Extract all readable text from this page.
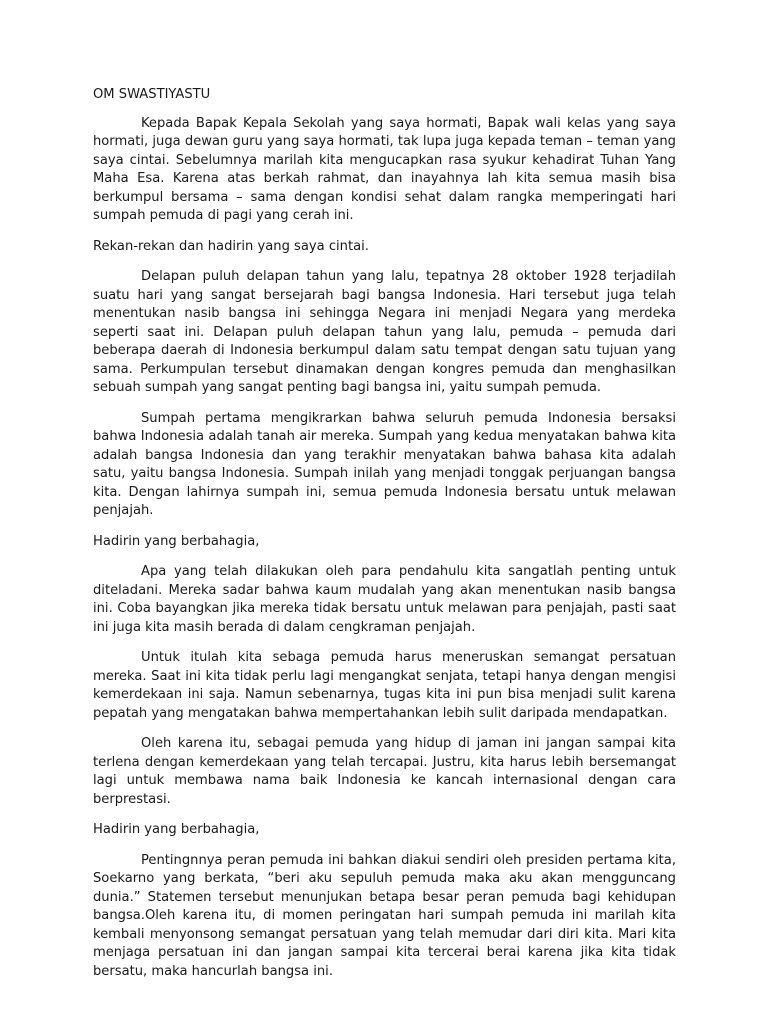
OM SWASTIYASTU

Kepada Bapak Kepala Sekolah yang saya hormati, Bapak wali kelas yang saya hormati, juga dewan guru yang saya hormati, tak lupa juga kepada teman – teman yang saya cintai. Sebelumnya marilah kita mengucapkan rasa syukur kehadirat Tuhan Yang Maha Esa. Karena atas berkah rahmat, dan inayahnya lah kita semua masih bisa berkumpul bersama – sama dengan kondisi sehat dalam rangka memperingati hari sumpah pemuda di pagi yang cerah ini.

Rekan-rekan dan hadirin yang saya cintai.

Delapan puluh delapan tahun yang lalu, tepatnya 28 oktober 1928 terjadilah suatu hari yang sangat bersejarah bagi bangsa Indonesia. Hari tersebut juga telah menentukan nasib bangsa ini sehingga Negara ini menjadi Negara yang merdeka seperti saat ini. Delapan puluh delapan tahun yang lalu, pemuda – pemuda dari beberapa daerah di Indonesia berkumpul dalam satu tempat dengan satu tujuan yang sama. Perkumpulan tersebut dinamakan dengan kongres pemuda dan menghasilkan sebuah sumpah yang sangat penting bagi bangsa ini, yaitu sumpah pemuda.

Sumpah pertama mengikrarkan bahwa seluruh pemuda Indonesia bersaksi bahwa Indonesia adalah tanah air mereka. Sumpah yang kedua menyatakan bahwa kita adalah bangsa Indonesia dan yang terakhir menyatakan bahwa bahasa kita adalah satu, yaitu bangsa Indonesia. Sumpah inilah yang menjadi tonggak perjuangan bangsa kita. Dengan lahirnya sumpah ini, semua pemuda Indonesia bersatu untuk melawan penjajah.

Hadirin yang berbahagia,

Apa yang telah dilakukan oleh para pendahulu kita sangatlah penting untuk diteladani. Mereka sadar bahwa kaum mudalah yang akan menentukan nasib bangsa ini. Coba bayangkan jika mereka tidak bersatu untuk melawan para penjajah, pasti saat ini juga kita masih berada di dalam cengkraman penjajah.

Untuk itulah kita sebaga pemuda harus meneruskan semangat persatuan mereka. Saat ini kita tidak perlu lagi mengangkat senjata, tetapi hanya dengan mengisi kemerdekaan ini saja. Namun sebenarnya, tugas kita ini pun bisa menjadi sulit karena pepatah yang mengatakan bahwa mempertahankan lebih sulit daripada mendapatkan.

Oleh karena itu, sebagai pemuda yang hidup di jaman ini jangan sampai kita terlena dengan kemerdekaan yang telah tercapai. Justru, kita harus lebih bersemangat lagi untuk membawa nama baik Indonesia ke kancah internasional dengan cara berprestasi.

Hadirin yang berbahagia,

Pentingnnya peran pemuda ini bahkan diakui sendiri oleh presiden pertama kita, Soekarno yang berkata, “beri aku sepuluh pemuda maka aku akan mengguncang dunia.” Statemen tersebut menunjukan betapa besar peran pemuda bagi kehidupan bangsa.Oleh karena itu, di momen peringatan hari sumpah pemuda ini marilah kita kembali menyonsong semangat persatuan yang telah memudar dari diri kita. Mari kita menjaga persatuan ini dan jangan sampai kita tercerai berai karena jika kita tidak bersatu, maka hancurlah bangsa ini.
